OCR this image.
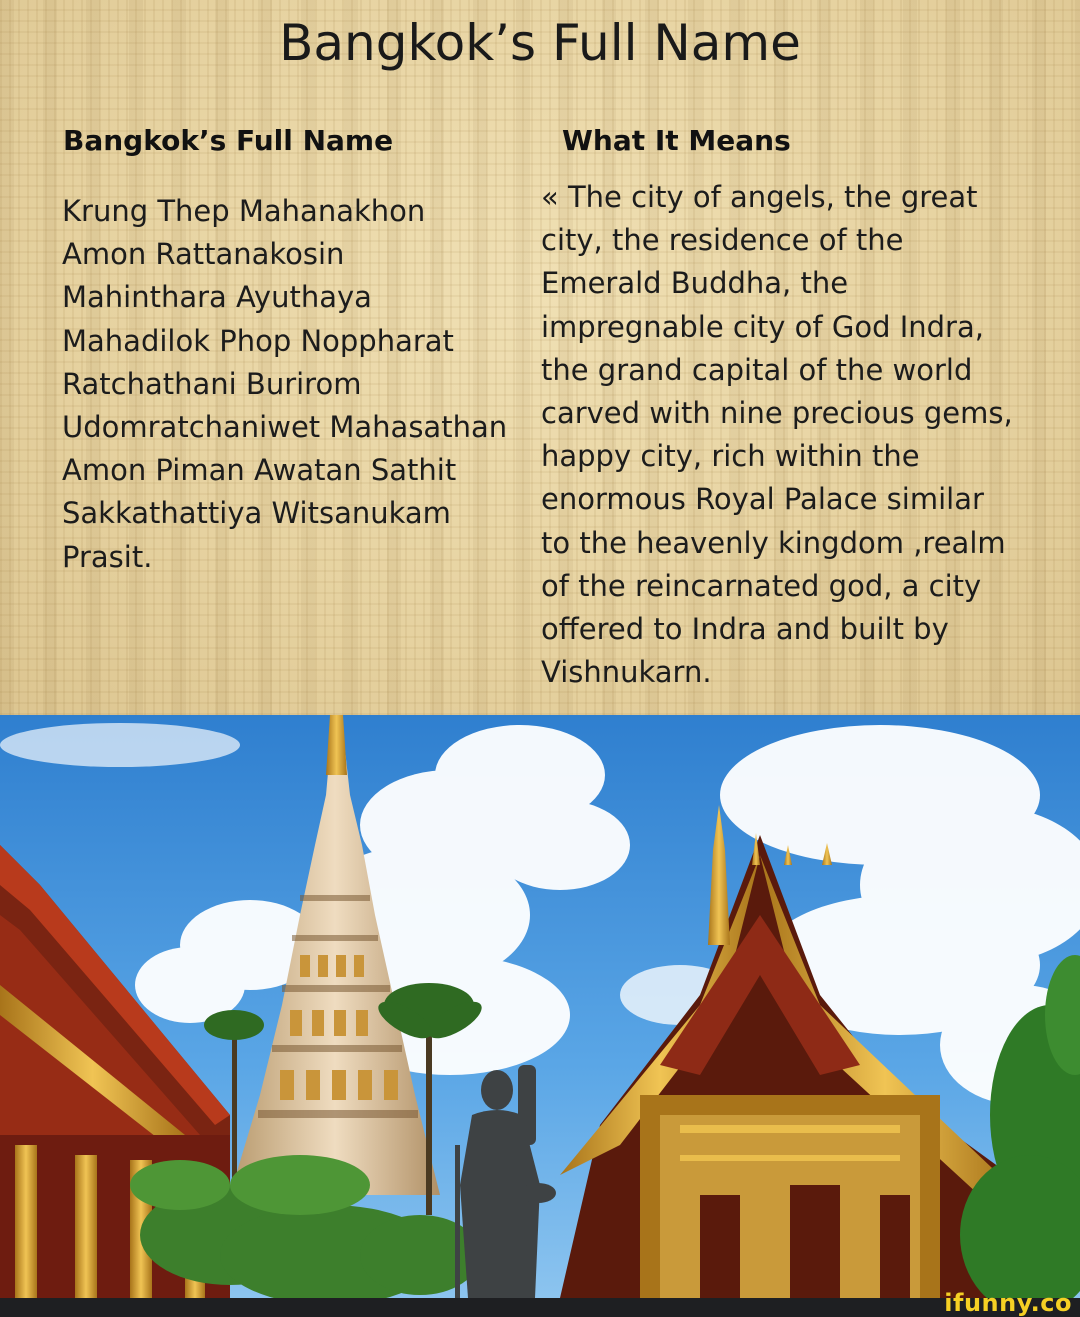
Bangkok’s Full Name
Bangkok’s Full Name	What It Means
Krung Thep Mahanakhon
Amon Rattanakosin
Mahinthara Ayuthaya
Mahadilok Phop Noppharat
Ratchathani Burirom
Udomratchaniwet Mahasathan
Amon Piman Awatan Sathit
Sakkathattiya Witsanukam
Prasit.
« The city of angels, the great
city, the residence of the
Emerald Buddha, the
impregnable city of God Indra,
the grand capital of the world
carved with nine precious gems,
happy city, rich within the
enormous Royal Palace similar
to the heavenly kingdom ,realm
of the reincarnated god, a city
offered to Indra and built by
Vishnukarn.
ifunny.co
